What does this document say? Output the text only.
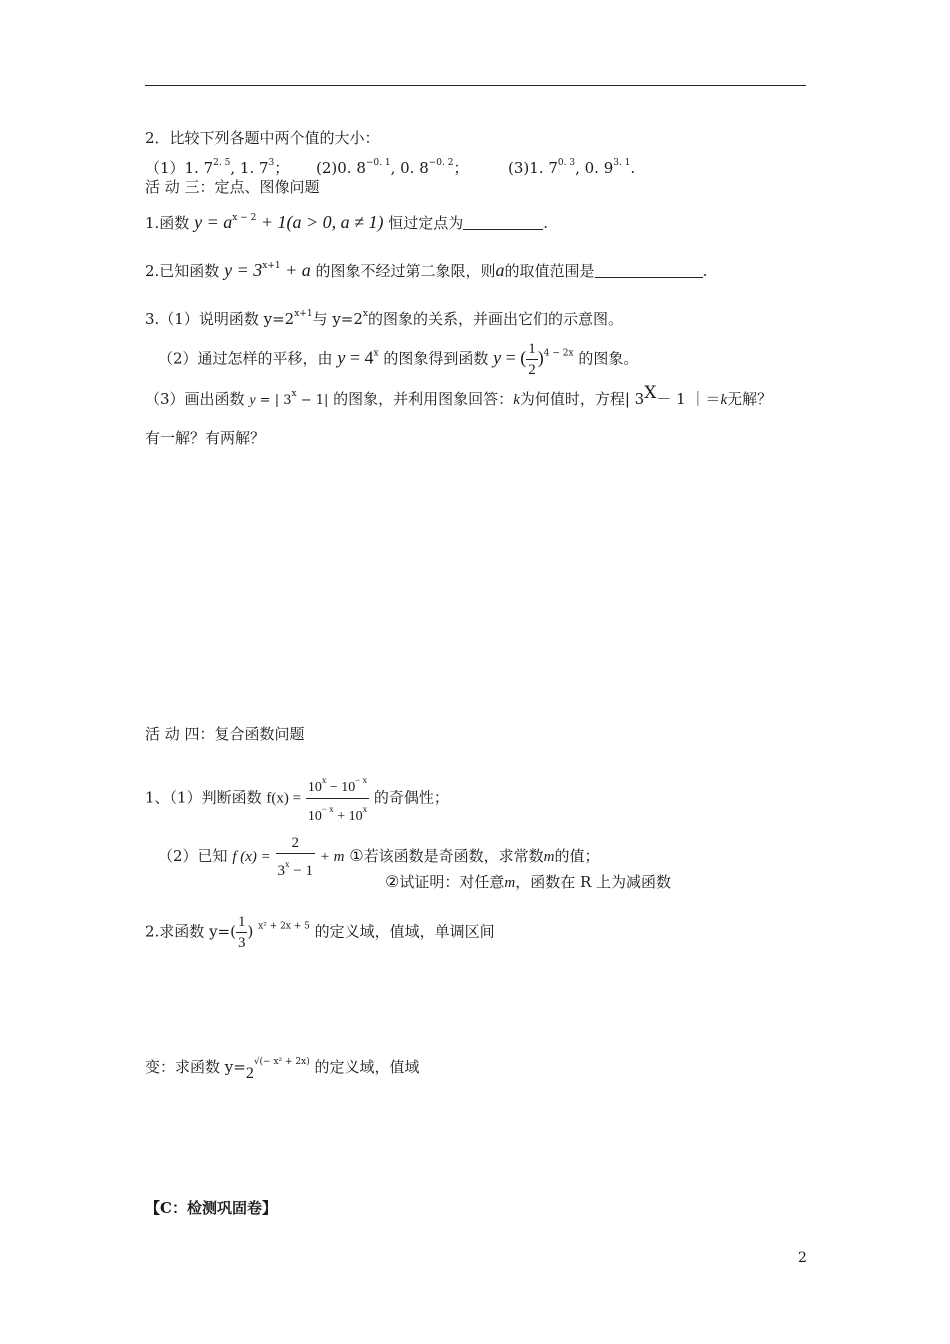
2．比较下列各题中两个值的大小：
（1）1. $7^{2. 5}$, 1. $7^3$； (2)0. $8^{-0. 1}$, 0. $8^{-0. 2}$；	(3)1. $7^{0. 3}$, 0. $9^{3. 1}$.
活 动 三：定点、图像问题
1.函数 $y = a^{x - 2} + 1(a > 0$, a ≠ 1) 恒过定点为	.
2.已知函数 $y = 3^{x+1} + a$ 的图象不经过第二象限，则a的取值范围是	.
3.（1）说明函数 $y=2^{x+1}$与 $y=2^x$的图象的关系，并画出它们的示意图。
（2）通过怎样的平移，由 $y = 4^x$ 的图象得到函数 y = ( $\frac{1}{2} )^{4 - 2x}$ 的图象。
（3）画出函数 y = | $3^x - 1|$ 的图象，并利用图象回答：k为何值时，方程| 3X－ 1 ｜＝k无解？
有一解？有两解？
活 动 四：复合函数问题
1、（1）判断函数 $f(x) = \frac{10^x - 10^{- x}}{10^{- x} + 10^x}$ 的奇偶性；
（2）已知 f $(x) = \frac{2}{3^x - 1} + m$ ①若该函数是奇函数，求常数m的值；
②试证明：对任意m，函数在 R 上为减函数
2.求函数 $y=( \frac{1}{3}$ ) $^{x^2 + 2x + 5}$ 的定义域，值域，单调区间
变：求函数 $y=2^{√(- x^2 + 2x)}$ 的定义域，值域
【C：检测巩固卷】
2
